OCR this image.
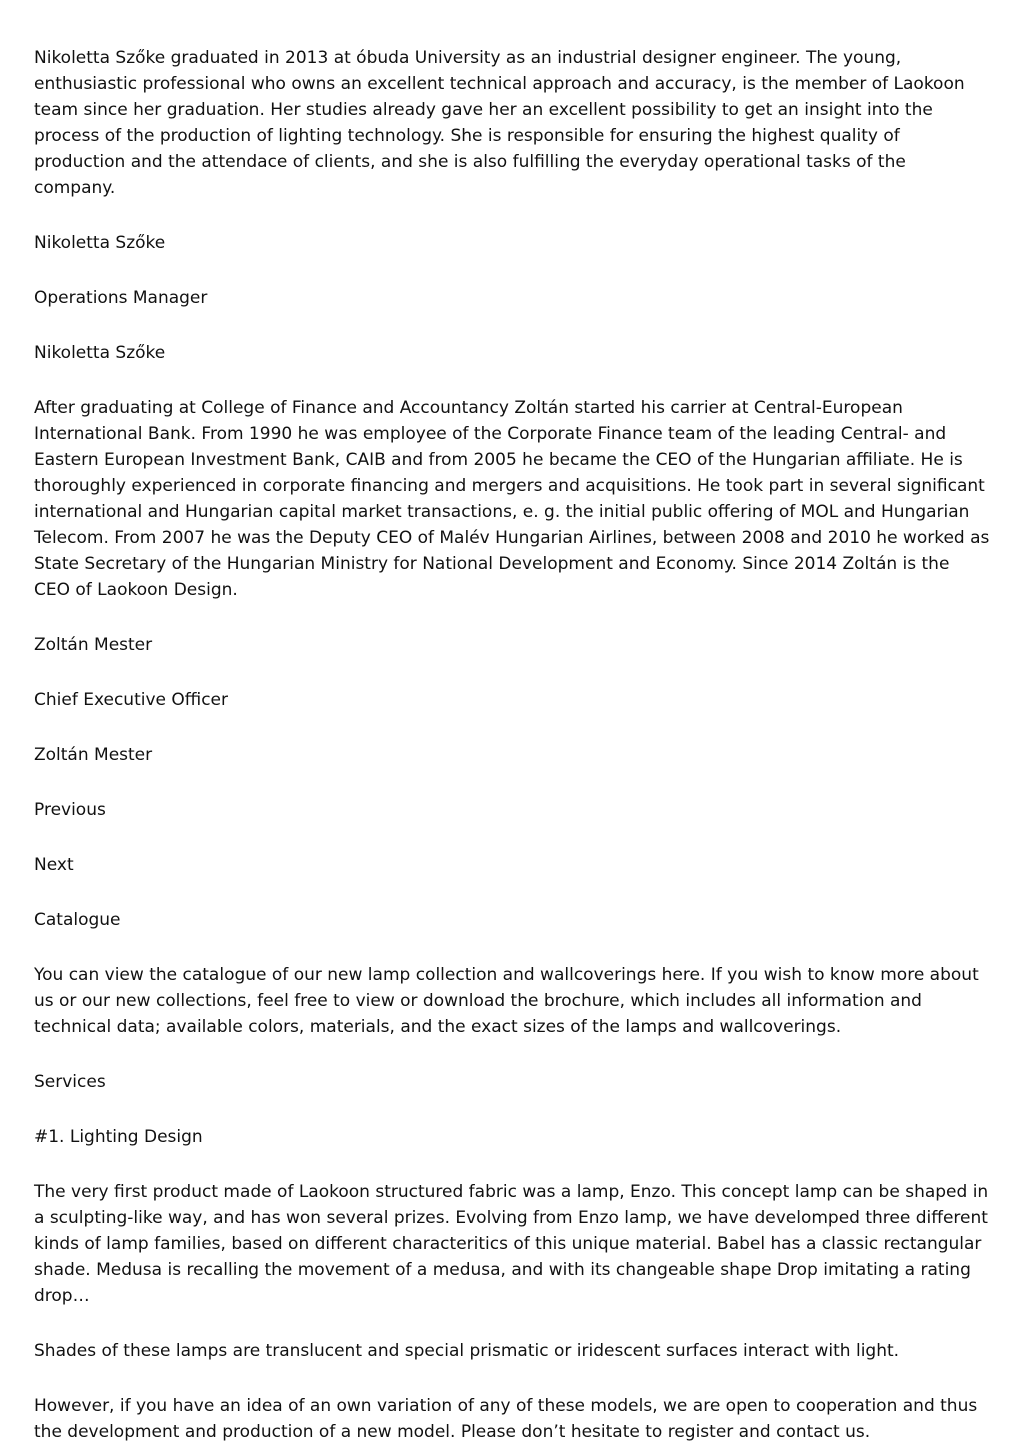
Nikoletta Szőke graduated in 2013 at óbuda University as an industrial designer engineer. The young, enthusiastic professional who owns an excellent technical approach and accuracy, is the member of Laokoon team since her graduation. Her studies already gave her an excellent possibility to get an insight into the process of the production of lighting technology. She is responsible for ensuring the highest quality of production and the attendace of clients, and she is also fulfilling the everyday operational tasks of the company.

Nikoletta Szőke

Operations Manager

Nikoletta Szőke

After graduating at College of Finance and Accountancy Zoltán started his carrier at Central-European International Bank. From 1990 he was employee of the Corporate Finance team of the leading Central- and Eastern European Investment Bank, CAIB and from 2005 he became the CEO of the Hungarian affiliate. He is thoroughly experienced in corporate financing and mergers and acquisitions. He took part in several significant international and Hungarian capital market transactions, e. g. the initial public offering of MOL and Hungarian Telecom. From 2007 he was the Deputy CEO of Malév Hungarian Airlines, between 2008 and 2010 he worked as State Secretary of the Hungarian Ministry for National Development and Economy. Since 2014 Zoltán is the CEO of Laokoon Design.

Zoltán Mester

Chief Executive Officer

Zoltán Mester

Previous

Next

Catalogue

You can view the catalogue of our new lamp collection and wallcoverings here. If you wish to know more about us or our new collections, feel free to view or download the brochure, which includes all information and technical data; available colors, materials, and the exact sizes of the lamps and wallcoverings.

Services

#1. Lighting Design

The very first product made of Laokoon structured fabric was a lamp, Enzo. This concept lamp can be shaped in a sculpting-like way, and has won several prizes. Evolving from Enzo lamp, we have develomped three different kinds of lamp families, based on different characteritics of this unique material. Babel has a classic rectangular shade. Medusa is recalling the movement of a medusa, and with its changeable shape Drop imitating a rating drop…

Shades of these lamps are translucent and special prismatic or iridescent surfaces interact with light.

However, if you have an idea of an own variation of any of these models, we are open to cooperation and thus the development and production of a new model. Please don’t hesitate to register and contact us.
